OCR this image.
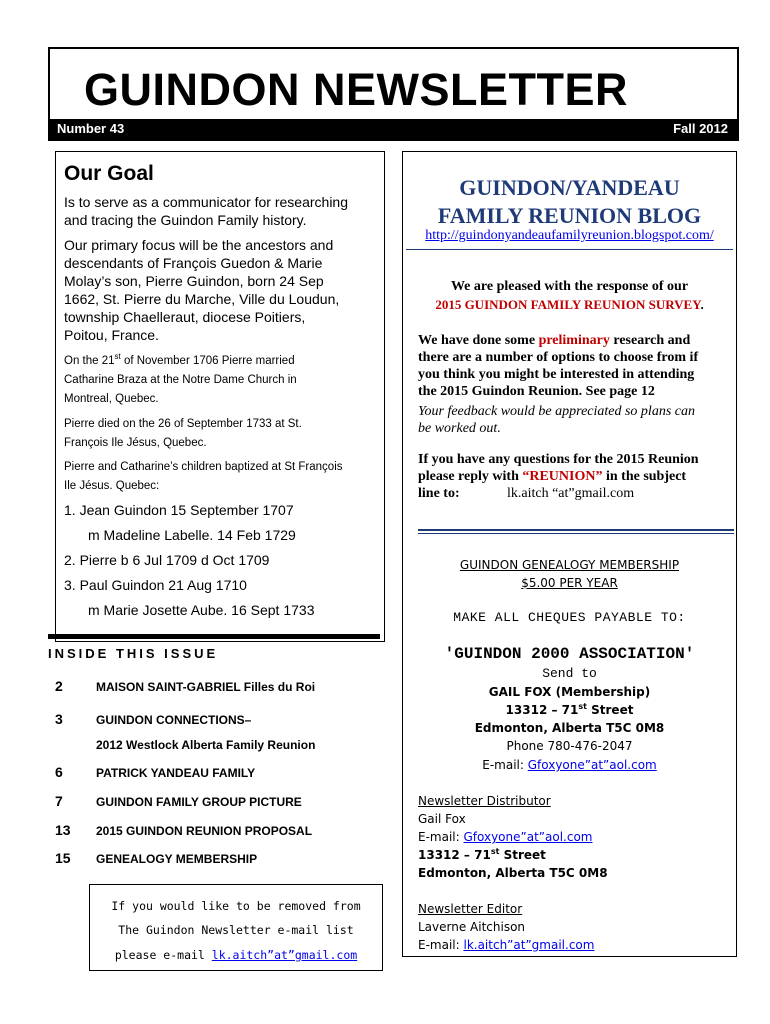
GUINDON NEWSLETTER
Number 43	Fall 2012
Our Goal
Is to serve as a communicator for researching
and tracing the Guindon Family history.
Our primary focus will be the ancestors and
descendants of François Guedon & Marie
Molay’s son, Pierre Guindon, born 24 Sep
1662, St. Pierre du Marche, Ville du Loudun,
township Chaelleraut, diocese Poitiers,
Poitou, France.
On the 21st of November 1706 Pierre married
Catharine Braza at the Notre Dame Church in
Montreal, Quebec.
Pierre died on the 26 of September 1733 at St.
François Ile Jésus, Quebec.
Pierre and Catharine’s children baptized at St François
Ile Jésus. Quebec:
1. Jean Guindon 15 September 1707
m Madeline Labelle. 14 Feb 1729
2. Pierre b 6 Jul 1709 d Oct 1709
3. Paul Guindon 21 Aug 1710
m Marie Josette Aube. 16 Sept 1733
INSIDE THIS ISSUE
2	MAISON SAINT-GABRIEL Filles du Roi
3	GUINDON CONNECTIONS–
2012 Westlock Alberta Family Reunion
6	PATRICK YANDEAU FAMILY
7	GUINDON FAMILY GROUP PICTURE
13 2015 GUINDON REUNION PROPOSAL
15 GENEALOGY MEMBERSHIP
If you would like to be removed from
The Guindon Newsletter e-mail list
please e-mail lk.aitch”at”gmail.com
GUINDON/YANDEAU
FAMILY REUNION BLOG
http://guindonyandeaufamilyreunion.blogspot.com/
We are pleased with the response of our
2015 GUINDON FAMILY REUNION SURVEY.
We have done some preliminary research and
there are a number of options to choose from if
you think you might be interested in attending
the 2015 Guindon Reunion. See page 12
Your feedback would be appreciated so plans can
be worked out.
If you have any questions for the 2015 Reunion
please reply with “REUNION” in the subject
line to:	lk.aitch “at”gmail.com
GUINDON GENEALOGY MEMBERSHIP
$5.00 PER YEAR
MAKE ALL CHEQUES PAYABLE TO:
'GUINDON 2000 ASSOCIATION'
Send to
GAIL FOX (Membership)
13312 – 71st Street
Edmonton, Alberta T5C 0M8
Phone 780-476-2047
E-mail: Gfoxyone”at”aol.com
Newsletter Distributor
Gail Fox
E-mail: Gfoxyone”at”aol.com
13312 – 71st Street
Edmonton, Alberta T5C 0M8
Newsletter Editor
Laverne Aitchison
E-mail: lk.aitch”at”gmail.com
